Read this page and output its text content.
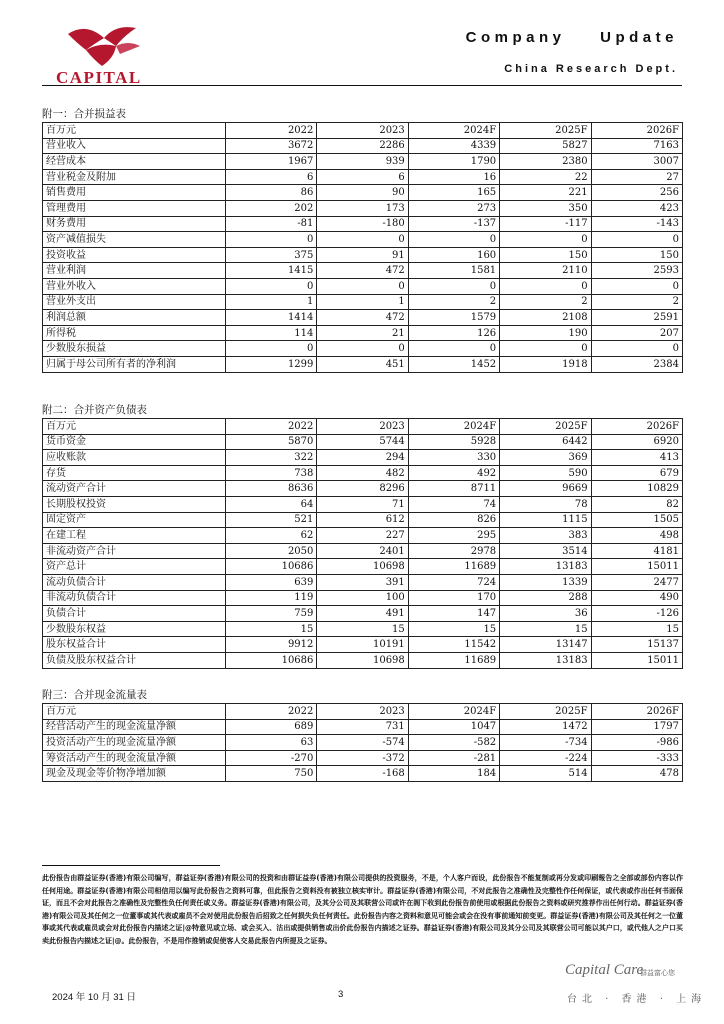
CAPITAL
Company Update
China Research Dept.
附一：合并损益表
百万元	2022	2023	2024F	2025F	2026F
营业收入	3672	2286	4339	5827	7163
经营成本	1967	939	1790	2380	3007
营业税金及附加	6	6	16	22	27
销售费用	86	90	165	221	256
管理费用	202	173	273	350	423
财务费用	-81	-180	-137	-117	-143
资产减值损失	0	0	0	0	0
投资收益	375	91	160	150	150
营业利润	1415	472	1581	2110	2593
营业外收入	0	0	0	0	0
营业外支出	1	1	2	2	2
利润总额	1414	472	1579	2108	2591
所得税	114	21	126	190	207
少数股东损益	0	0	0	0	0
归属于母公司所有者的净利润	1299	451	1452	1918	2384
附二：合并资产负债表
百万元	2022	2023	2024F	2025F	2026F
货币资金	5870	5744	5928	6442	6920
应收账款	322	294	330	369	413
存货	738	482	492	590	679
流动资产合计	8636	8296	8711	9669	10829
长期股权投资	64	71	74	78	82
固定资产	521	612	826	1115	1505
在建工程	62	227	295	383	498
非流动资产合计	2050	2401	2978	3514	4181
资产总计	10686	10698	11689	13183	15011
流动负债合计	639	391	724	1339	2477
非流动负债合计	119	100	170	288	490
负债合计	759	491	147	36	-126
少数股东权益	15	15	15	15	15
股东权益合计	9912	10191	11542	13147	15137
负债及股东权益合计	10686	10698	11689	13183	15011
附三：合并现金流量表
百万元	2022	2023	2024F	2025F	2026F
经营活动产生的现金流量净额	689	731	1047	1472	1797
投资活动产生的现金流量净额	63	-574	-582	-734	-986
筹资活动产生的现金流量净额	-270	-372	-281	-224	-333
现金及现金等价物净增加额	750	-168	184	514	478

此份报告由群益证券(香港)有限公司编写，群益证券(香港)有限公司的投资和由群证益券(香港)有限公司提供的投资服务，不是，个人客户而设，此份报告不能复制或再分发或印刷報告之全部或部份内容以作任何用途。群益证券(香港)有限公司相信用以编写此份报告之资料可靠，但此报告之资料没有被独立核实审计。群益证券(香港)有限公司，不对此报告之准确性及完整性作任何保证，或代表或作出任何书面保证，而且不会对此报告之准确性及完整性负任何责任或义务。群益证券(香港)有限公司，及其分公司及其联营公司或许在阁下收到此份报告前使用或根据此份报告之资料或研究推荐作出任何行动。群益证券(香港)有限公司及其任何之一位董事或其代表或雇员不会对使用此份报告后招致之任何损失负任何责任。此份报告内容之资料和意见可能会或会在没有事前通知前变更。群益证券(香港)有限公司及其任何之一位董事或其代表或雇员或会对此份报告内描述之证|@特意见或立场、或会买入、沽出或提供销售或出价此份报告内描述之证券。群益证券(香港)有限公司及其分公司及其联营公司可能以其户口，或代他人之户口买卖此份报告内描述之证|@。此份报告，不是用作推销或促使客人交易此报告内所提及之证券。

2024 年 10 月 31 日	3
Capital Care
群益富心您
台北 · 香港 · 上海
